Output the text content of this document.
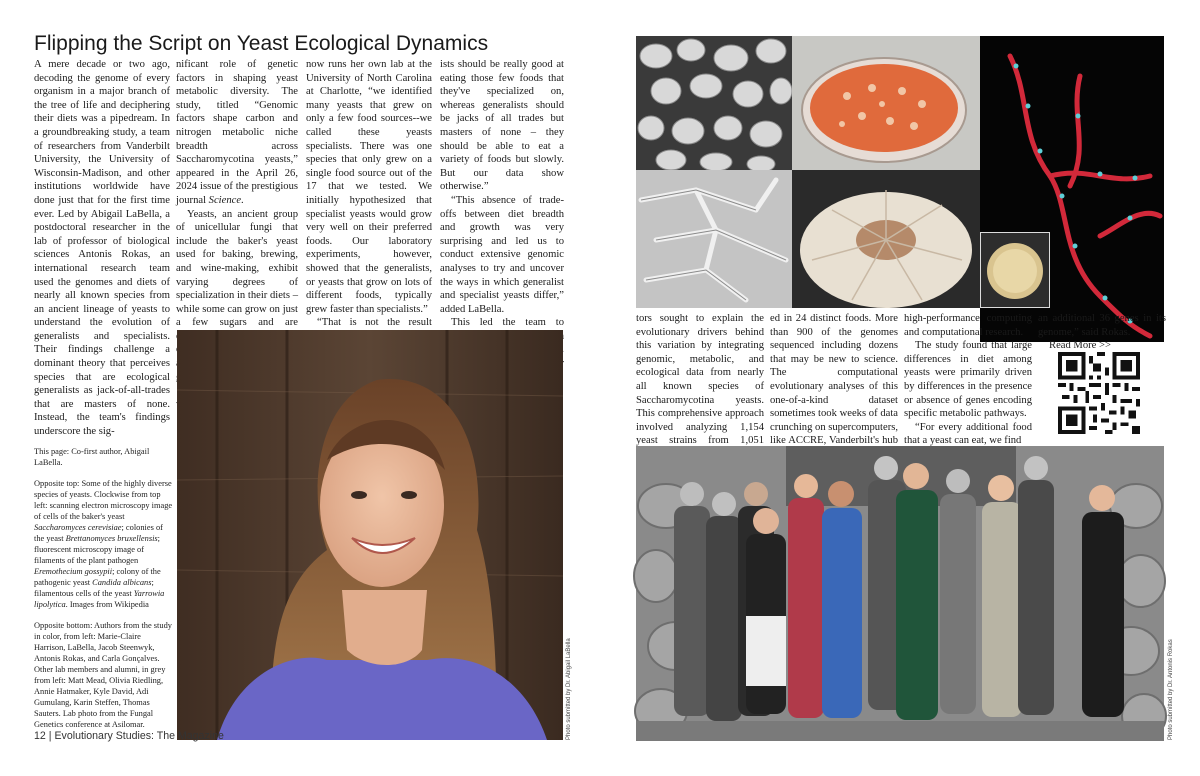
Flipping the Script on Yeast Ecological Dynamics

A mere decade or two ago, decoding the genome of every organism in a major branch of the tree of life and deciphering their diets was a pipedream. In a groundbreaking study, a team of researchers from Vanderbilt University, the University of Wisconsin-Madison, and other institutions worldwide have done just that for the first time ever. Led by Abigail LaBella, a postdoctoral researcher in the lab of professor of biological sciences Antonis Rokas, an international research team used the genomes and diets of nearly all known species from an ancient lineage of yeasts to understand the evolution of generalists and specialists. Their findings challenge a dominant theory that perceives species that are ecological generalists as jack-of-all-trades that are masters of none. Instead, the team's findings underscore the sig-

nificant role of genetic factors in shaping yeast metabolic diversity. The study, titled “Genomic factors shape carbon and nitrogen metabolic niche breadth across Saccharomycotina yeasts,” appeared in the April 26, 2024 issue of the prestigious journal Science.

Yeasts, an ancient group of unicellular fungi that include the baker's yeast used for baking, brewing, and wine-making, exhibit varying degrees of specialization in their diets – while some can grow on just a few sugars and are

now runs her own lab at the University of North Carolina at Charlotte, “we identified many yeasts that grew on only a few food sources--we called these yeasts specialists. There was one species that only grew on a single food source out of the 17 that we tested. We initially hypothesized that specialist yeasts would grow very well on their preferred foods. Our laboratory experiments, however, showed that the generalists, or yeasts that grow on lots of different foods, typically grew faster than specialists.”

“That is not the result

ists should be really good at eating those few foods that they've specialized on, whereas generalists should be jacks of all trades but masters of none – they should be able to eat a variety of foods but slowly. But our data show otherwise.”

“This absence of trade-offs between diet breadth and growth was very surprising and led us to conduct extensive genomic analyses to try and uncover the ways in which generalist and specialist yeasts differ,” added LaBella.

This led the team to

This page: Co-first author, Abigail LaBella.

Opposite top: Some of the highly diverse species of yeasts. Clockwise from top left: scanning electron microscopy image of cells of the baker's yeast Saccharomyces cerevisiae; colonies of the yeast Brettanomyces bruxellensis; fluorescent microscopy image of filaments of the plant pathogen Eremothecium gossypii; colony of the pathogenic yeast Candida albicans; filamentous cells of the yeast Yarrowia lipolytica. Images from Wikipedia

Opposite bottom: Authors from the study in color, from left: Marie-Claire Harrison, LaBella, Jacob Steenwyk, Antonis Rokas, and Carla Gonçalves. Other lab members and alumni, in grey from left: Matt Mead, Olivia Riedling, Annie Hatmaker, Kyle David, Adi Gumulang, Karin Steffen, Thomas Sauters. Lab photo from the Fungal Genetics conference at Asilomar.	Photo submitted by Dr. Abigail LaBella

tors sought to explain the evolutionary drivers behind this variation by integrating genomic, metabolic, and ecological data from nearly all known species of Saccharomycotina yeasts. This comprehensive approach involved analyzing 1,154 yeast strains from 1,051

ed in 24 distinct foods. More than 900 of the genomes sequenced including dozens that may be new to science. The computational evolutionary analyses of this one-of-a-kind dataset sometimes took weeks of data crunching on supercomputers, like ACCRE, Vanderbilt's hub

high-performance computing and computational research.

The study found that large differences in diet among yeasts were primarily driven by differences in the presence or absence of genes encoding specific metabolic pathways.

“For every additional food that a yeast can eat, we find

an additional 36 genes in its genome,” said Rokas.

Read More >>

Photo submitted by Dr. Antonis Rokas
12 | Evolutionary Studies: The Magazine
